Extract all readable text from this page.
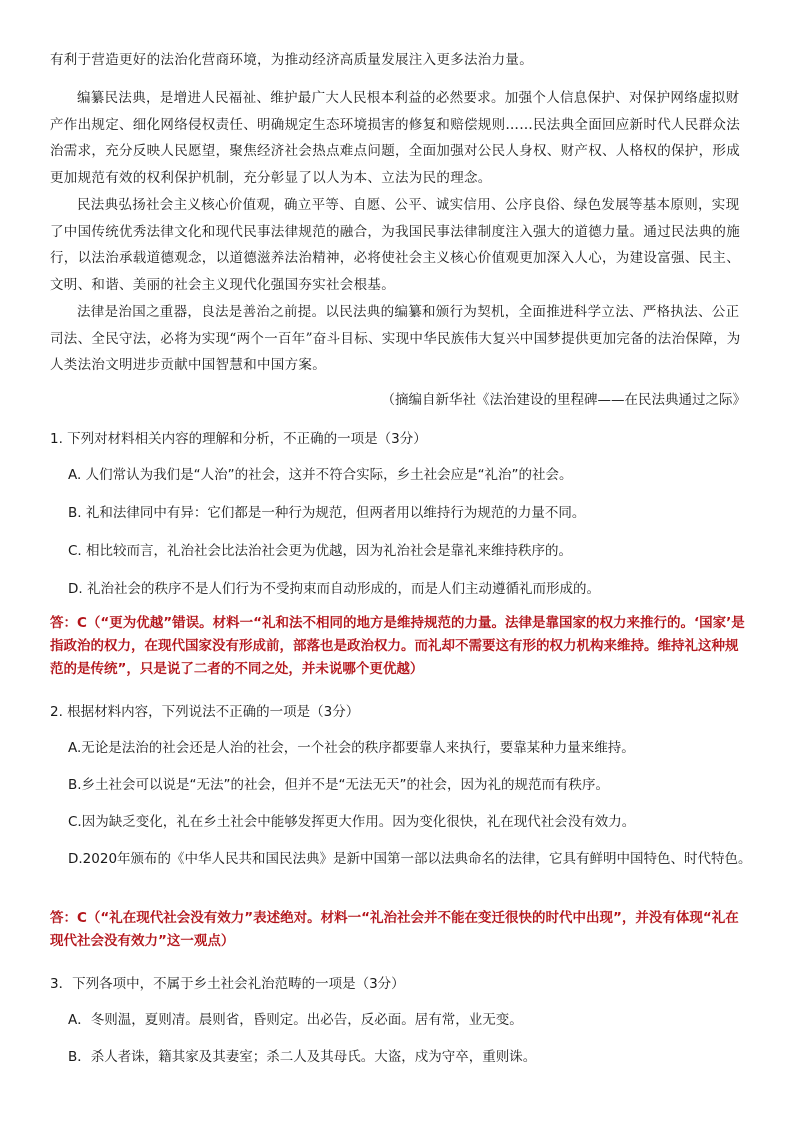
有利于营造更好的法治化营商环境，为推动经济高质量发展注入更多法治力量。
编纂民法典，是增进人民福祉、维护最广大人民根本利益的必然要求。加强个人信息保护、对保护网络虚拟财产作出规定、细化网络侵权责任、明确规定生态环境损害的修复和赔偿规则……民法典全面回应新时代人民群众法治需求，充分反映人民愿望，聚焦经济社会热点难点问题，全面加强对公民人身权、财产权、人格权的保护，形成更加规范有效的权利保护机制，充分彰显了以人为本、立法为民的理念。
民法典弘扬社会主义核心价值观，确立平等、自愿、公平、诚实信用、公序良俗、绿色发展等基本原则，实现了中国传统优秀法律文化和现代民事法律规范的融合，为我国民事法律制度注入强大的道德力量。通过民法典的施行，以法治承载道德观念，以道德滋养法治精神，必将使社会主义核心价值观更加深入人心，为建设富强、民主、文明、和谐、美丽的社会主义现代化强国夯实社会根基。
法律是治国之重器，良法是善治之前提。以民法典的编纂和颁行为契机，全面推进科学立法、严格执法、公正司法、全民守法，必将为实现“两个一百年”奋斗目标、实现中华民族伟大复兴中国梦提供更加完备的法治保障，为人类法治文明进步贡献中国智慧和中国方案。
（摘编自新华社《法治建设的里程碑——在民法典通过之际》
1. 下列对材料相关内容的理解和分析，不正确的一项是（3分）
A. 人们常认为我们是“人治”的社会，这并不符合实际，乡土社会应是“礼治”的社会。
B. 礼和法律同中有异：它们都是一种行为规范，但两者用以维持行为规范的力量不同。
C. 相比较而言，礼治社会比法治社会更为优越，因为礼治社会是靠礼来维持秩序的。
D. 礼治社会的秩序不是人们行为不受拘束而自动形成的，而是人们主动遵循礼而形成的。
答：C（“更为优越”错误。材料一“礼和法不相同的地方是维持规范的力量。法律是靠国家的权力来推行的。‘国家’是指政治的权力，在现代国家没有形成前，部落也是政治权力。而礼却不需要这有形的权力机构来维持。维持礼这种规范的是传统”，只是说了二者的不同之处，并未说哪个更优越）
2. 根据材料内容，下列说法不正确的一项是（3分）
A.无论是法治的社会还是人治的社会，一个社会的秩序都要靠人来执行，要靠某种力量来维持。
B.乡土社会可以说是“无法”的社会，但并不是“无法无天”的社会，因为礼的规范而有秩序。
C.因为缺乏变化，礼在乡土社会中能够发挥更大作用。因为变化很快，礼在现代社会没有效力。
D.2020年颁布的《中华人民共和国民法典》是新中国第一部以法典命名的法律，它具有鲜明中国特色、时代特色。
答：C（“礼在现代社会没有效力”表述绝对。材料一“礼治社会并不能在变迁很快的时代中出现”，并没有体现“礼在现代社会没有效力”这一观点）
3．下列各项中，不属于乡土社会礼治范畴的一项是（3分）
A．冬则温，夏则凊。晨则省，昏则定。出必告，反必面。居有常，业无变。
B．杀人者诛，籍其家及其妻室；杀二人及其母氏。大盗，戍为守卒，重则诛。
